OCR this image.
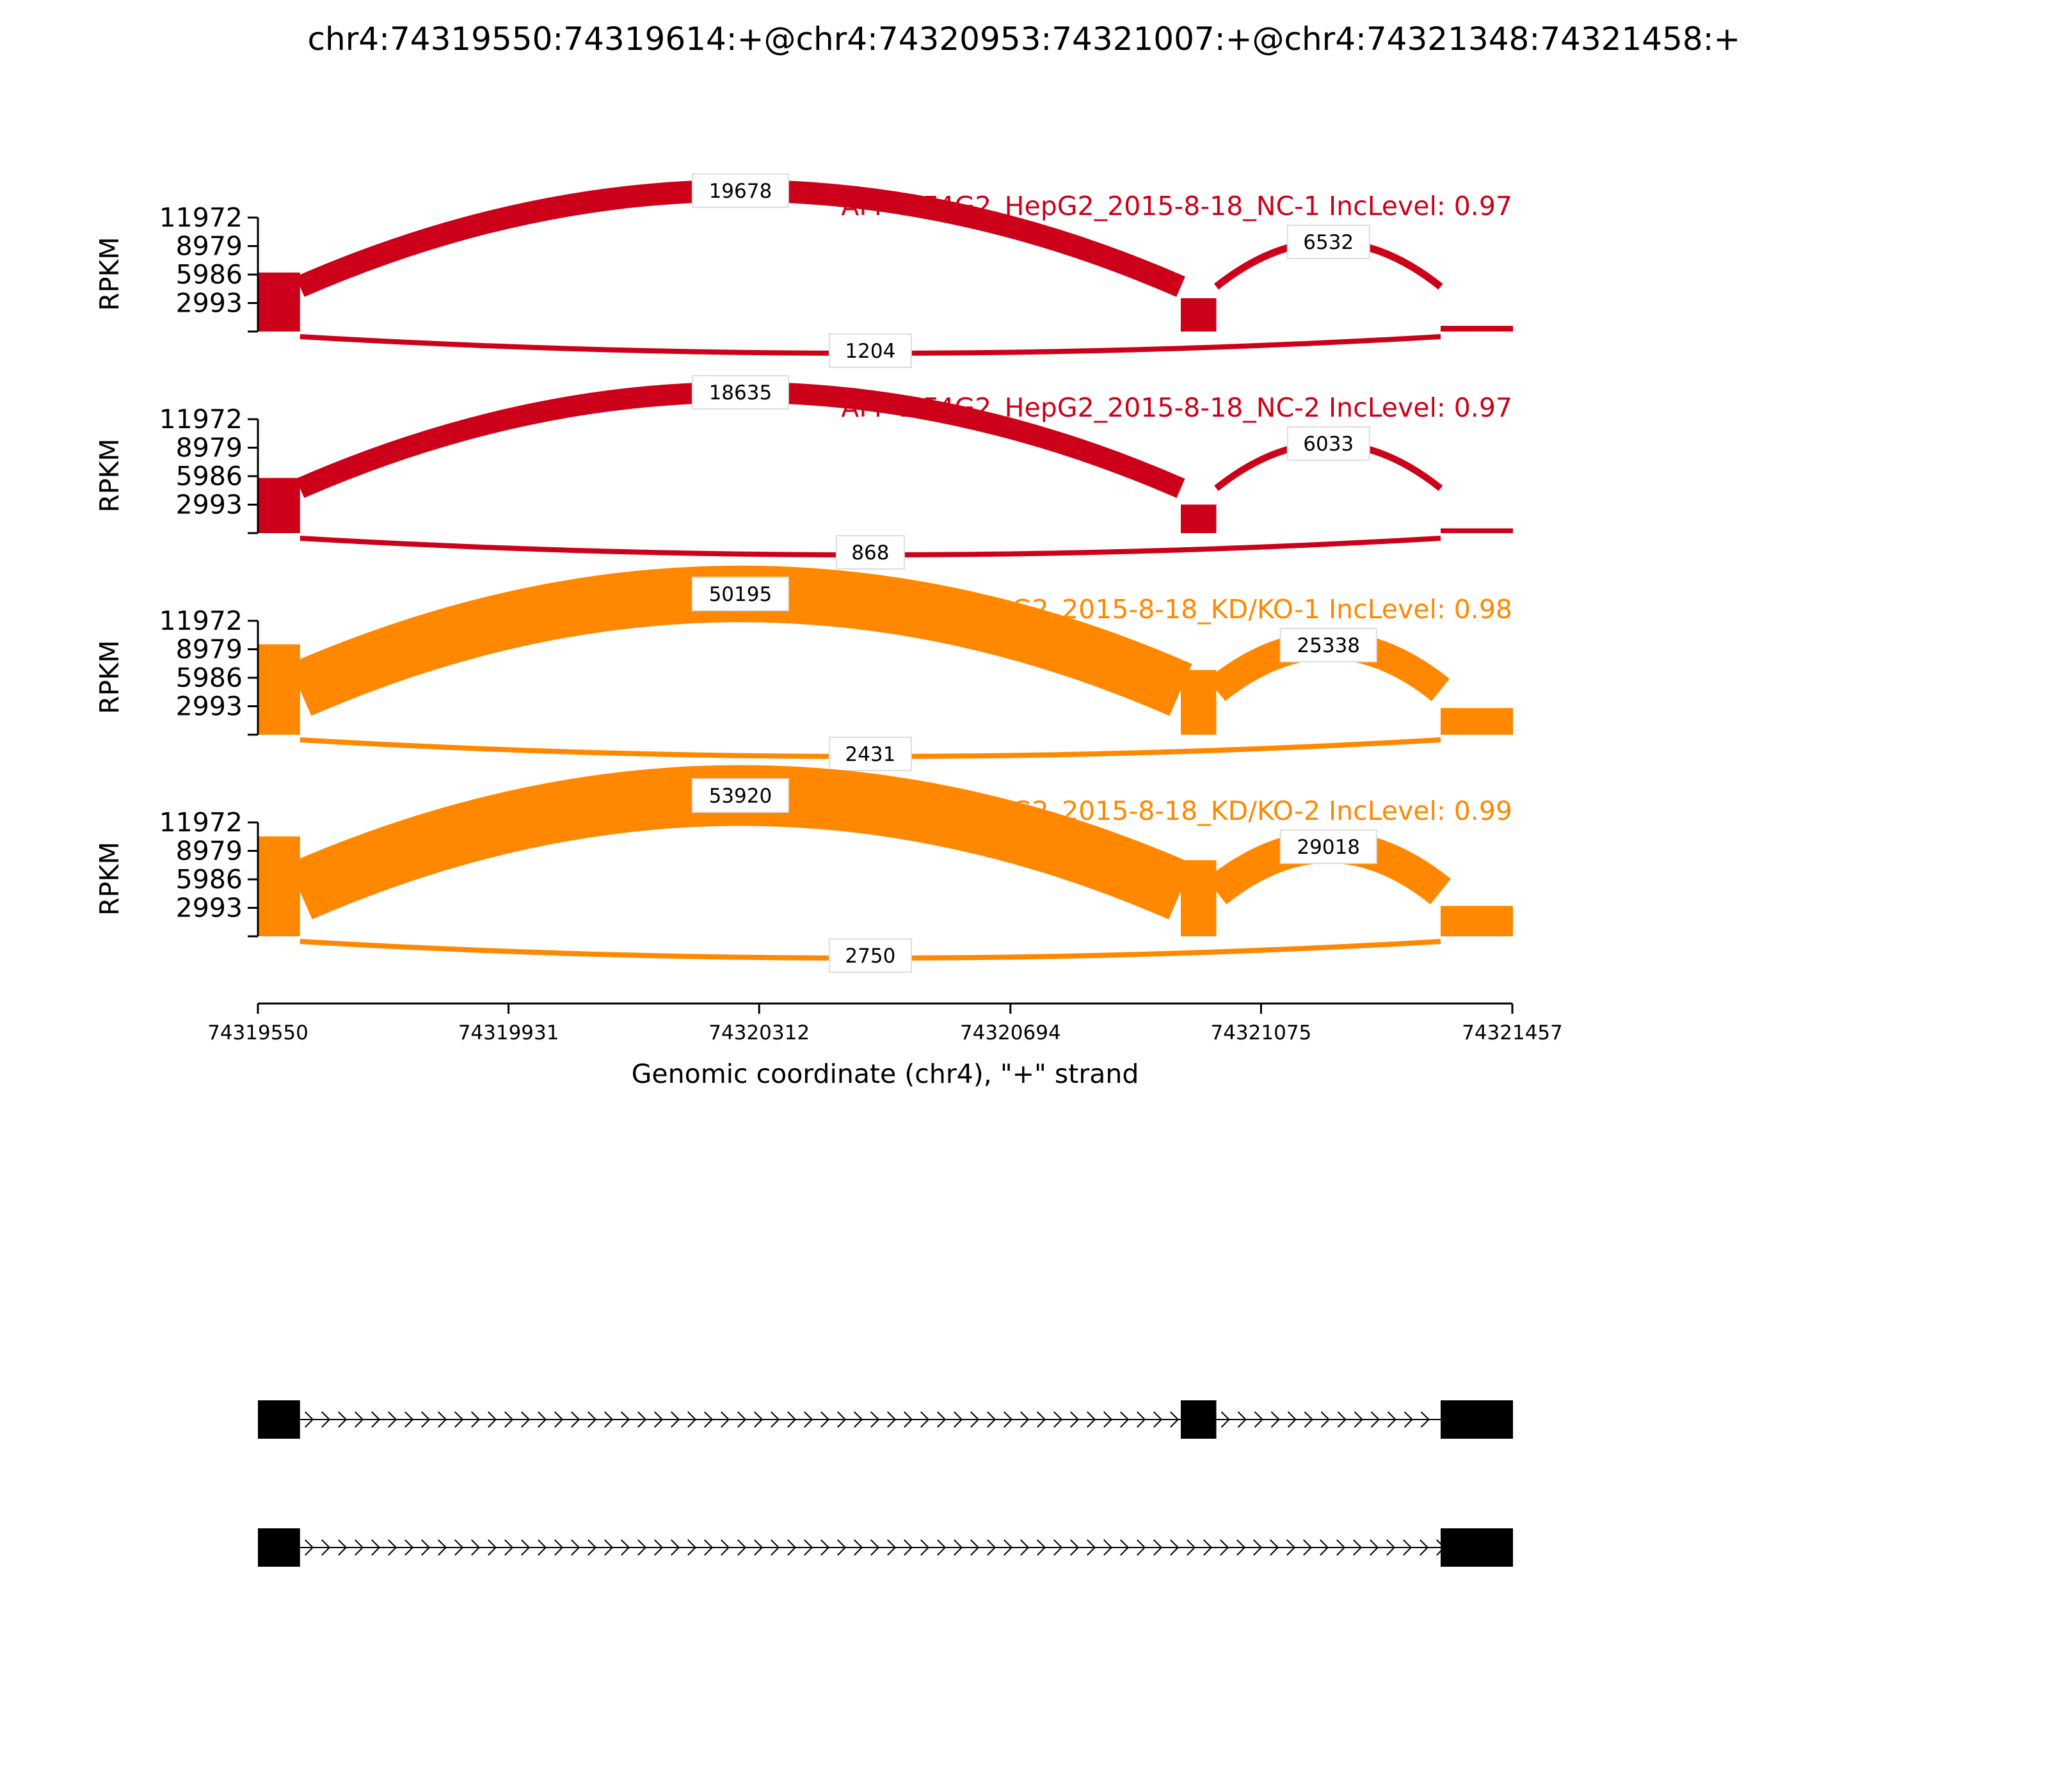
chr4:74319550:74319614:+@chr4:74320953:74321007:+@chr4:74321348:74321458:+
19678
6532
1204
2993
5986
8979
11972
RPKM
AFP EIF4G2_HepG2_2015-8-18_NC-1 IncLevel: 0.97
18635
6033
868
2993
5986
8979
11972
RPKM
AFP EIF4G2_HepG2_2015-8-18_NC-2 IncLevel: 0.97
50195
25338
2431
2993
5986
8979
11972
RPKM
AFP EIF4G2_HepG2_2015-8-18_KD/KO-1 IncLevel: 0.98
53920
29018
2750
2993
5986
8979
11972
RPKM
AFP EIF4G2_HepG2_2015-8-18_KD/KO-2 IncLevel: 0.99
Genomic coordinate (chr4), "+" strand
74319550	74319931	74320312	74320694	74321075	74321457
